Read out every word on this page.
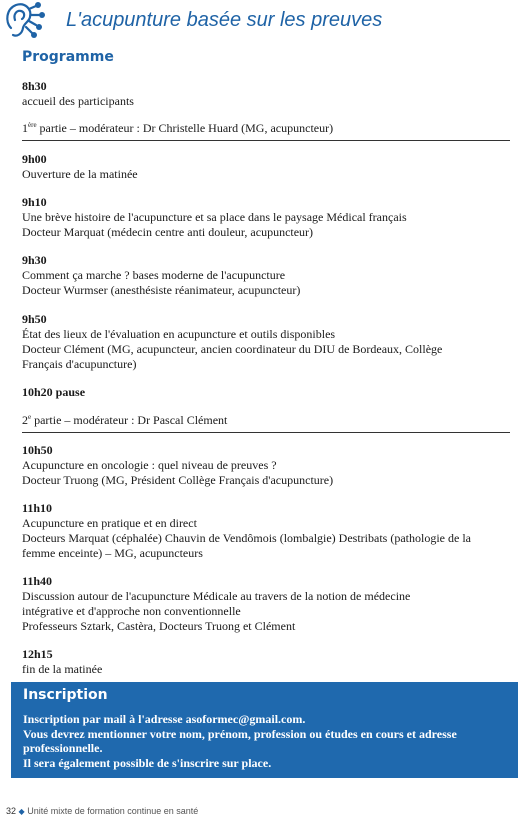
L'acupunture basée sur les preuves
Programme
8h30
accueil des participants
1ère partie – modérateur : Dr Christelle Huard (MG, acupuncteur)
9h00
Ouverture de la matinée
9h10
Une brève histoire de l'acupuncture et sa place dans le paysage Médical français
Docteur Marquat (médecin centre anti douleur, acupuncteur)
9h30
Comment ça marche ? bases moderne de l'acupuncture
Docteur Wurmser (anesthésiste réanimateur, acupuncteur)
9h50
État des lieux de l'évaluation en acupuncture et outils disponibles
Docteur Clément (MG, acupuncteur, ancien coordinateur du DIU de Bordeaux, Collège
Français d'acupuncture)
10h20 pause
2e partie – modérateur : Dr Pascal Clément
10h50
Acupuncture en oncologie : quel niveau de preuves ?
Docteur Truong (MG, Président Collège Français d'acupuncture)
11h10
Acupuncture en pratique et en direct
Docteurs Marquat (céphalée) Chauvin de Vendômois (lombalgie) Destribats (pathologie de la
femme enceinte) – MG, acupuncteurs
11h40
Discussion autour de l'acupuncture Médicale au travers de la notion de médecine
intégrative et d'approche non conventionnelle
Professeurs Sztark, Castèra, Docteurs Truong et Clément
12h15
fin de la matinée
Inscription
Inscription par mail à l'adresse asoformec@gmail.com.
Vous devrez mentionner votre nom, prénom, profession ou études en cours et adresse
professionnelle.
Il sera également possible de s'inscrire sur place.
32 ◆ Unité mixte de formation continue en santé
